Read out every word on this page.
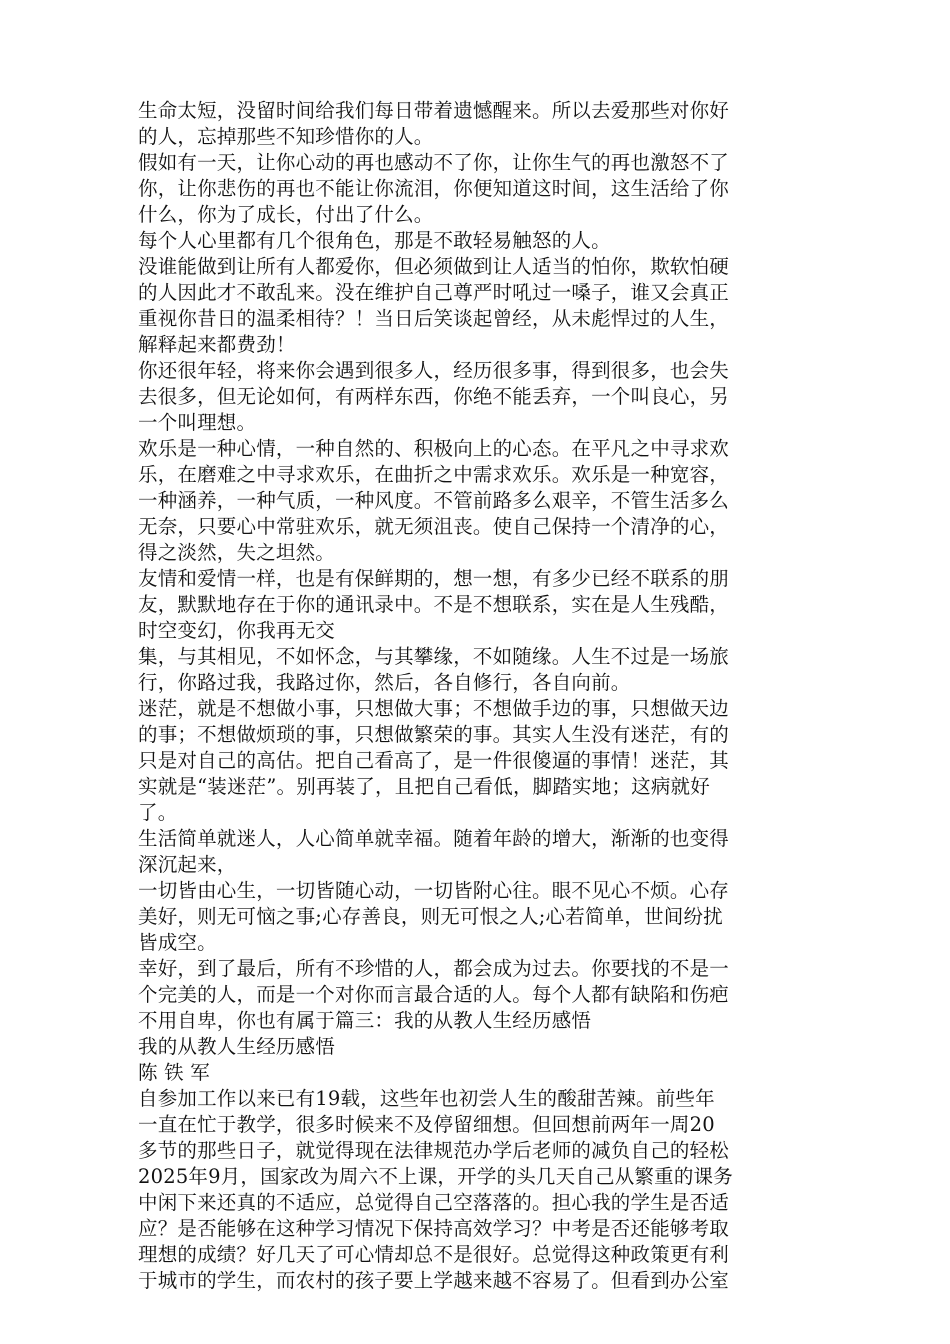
生命太短，没留时间给我们每日带着遗憾醒来。所以去爱那些对你好
的人，忘掉那些不知珍惜你的人。

假如有一天，让你心动的再也感动不了你，让你生气的再也激怒不了
你，让你悲伤的再也不能让你流泪，你便知道这时间，这生活给了你
什么，你为了成长，付出了什么。

每个人心里都有几个很角色，那是不敢轻易触怒的人。

没谁能做到让所有人都爱你，但必须做到让人适当的怕你，欺软怕硬
的人因此才不敢乱来。没在维护自己尊严时吼过一嗓子，谁又会真正
重视你昔日的温柔相待？！当日后笑谈起曾经，从未彪悍过的人生，
解释起来都费劲！

你还很年轻，将来你会遇到很多人，经历很多事，得到很多，也会失
去很多，但无论如何，有两样东西，你绝不能丢弃，一个叫良心，另
一个叫理想。

欢乐是一种心情，一种自然的、积极向上的心态。在平凡之中寻求欢
乐，在磨难之中寻求欢乐，在曲折之中需求欢乐。欢乐是一种宽容，
一种涵养，一种气质，一种风度。不管前路多么艰辛，不管生活多么
无奈，只要心中常驻欢乐，就无须沮丧。使自己保持一个清净的心，
得之淡然，失之坦然。

友情和爱情一样，也是有保鲜期的，想一想，有多少已经不联系的朋
友，默默地存在于你的通讯录中。不是不想联系，实在是人生残酷，
时空变幻，你我再无交

集，与其相见，不如怀念，与其攀缘，不如随缘。人生不过是一场旅
行，你路过我，我路过你，然后，各自修行，各自向前。

迷茫，就是不想做小事，只想做大事；不想做手边的事，只想做天边
的事；不想做烦琐的事，只想做繁荣的事。其实人生没有迷茫，有的
只是对自己的高估。把自己看高了，是一件很傻逼的事情！迷茫，其
实就是“装迷茫”。别再装了，且把自己看低，脚踏实地；这病就好
了。

生活简单就迷人，人心简单就幸福。随着年龄的增大，渐渐的也变得
深沉起来，

一切皆由心生，一切皆随心动，一切皆附心往。眼不见心不烦。心存
美好，则无可恼之事;心存善良，则无可恨之人;心若简单，世间纷扰
皆成空。

幸好，到了最后，所有不珍惜的人，都会成为过去。你要找的不是一
个完美的人，而是一个对你而言最合适的人。每个人都有缺陷和伤疤
不用自卑，你也有属于篇三：我的从教人生经历感悟

我的从教人生经历感悟

陈 铁 军

自参加工作以来已有19载，这些年也初尝人生的酸甜苦辣。前些年
一直在忙于教学，很多时候来不及停留细想。但回想前两年一周20
多节的那些日子，就觉得现在法律规范办学后老师的减负自己的轻松
2025年9月，国家改为周六不上课，开学的头几天自己从繁重的课务
中闲下来还真的不适应，总觉得自己空落落的。担心我的学生是否适
应？是否能够在这种学习情况下保持高效学习？中考是否还能够考取
理想的成绩？好几天了可心情却总不是很好。总觉得这种政策更有利
于城市的学生，而农村的孩子要上学越来越不容易了。但看到办公室
